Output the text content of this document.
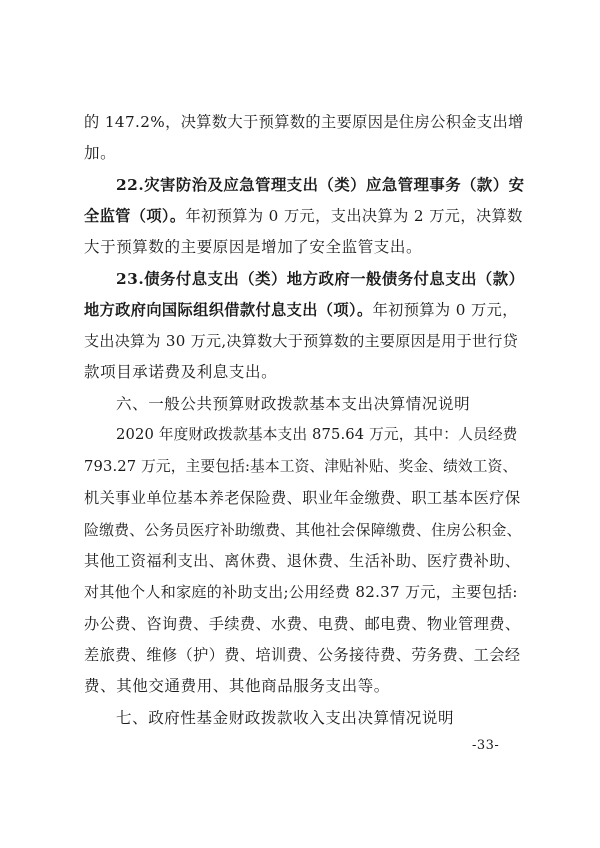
的 147.2%，决算数大于预算数的主要原因是住房公积金支出增
加。
22.灾害防治及应急管理支出（类）应急管理事务（款）安
全监管（项）。年初预算为 0 万元，支出决算为 2 万元，决算数
大于预算数的主要原因是增加了安全监管支出。
23.债务付息支出（类）地方政府一般债务付息支出（款）
地方政府向国际组织借款付息支出（项）。年初预算为 0 万元，
支出决算为 30 万元,决算数大于预算数的主要原因是用于世行贷
款项目承诺费及利息支出。
六、一般公共预算财政拨款基本支出决算情况说明
2020 年度财政拨款基本支出 875.64 万元，其中：人员经费
793.27 万元，主要包括:基本工资、津贴补贴、奖金、绩效工资、
机关事业单位基本养老保险费、职业年金缴费、职工基本医疗保
险缴费、公务员医疗补助缴费、其他社会保障缴费、住房公积金、
其他工资福利支出、离休费、退休费、生活补助、医疗费补助、
对其他个人和家庭的补助支出;公用经费 82.37 万元，主要包括:
办公费、咨询费、手续费、水费、电费、邮电费、物业管理费、
差旅费、维修（护）费、培训费、公务接待费、劳务费、工会经
费、其他交通费用、其他商品服务支出等。
七、政府性基金财政拨款收入支出决算情况说明
-33-
